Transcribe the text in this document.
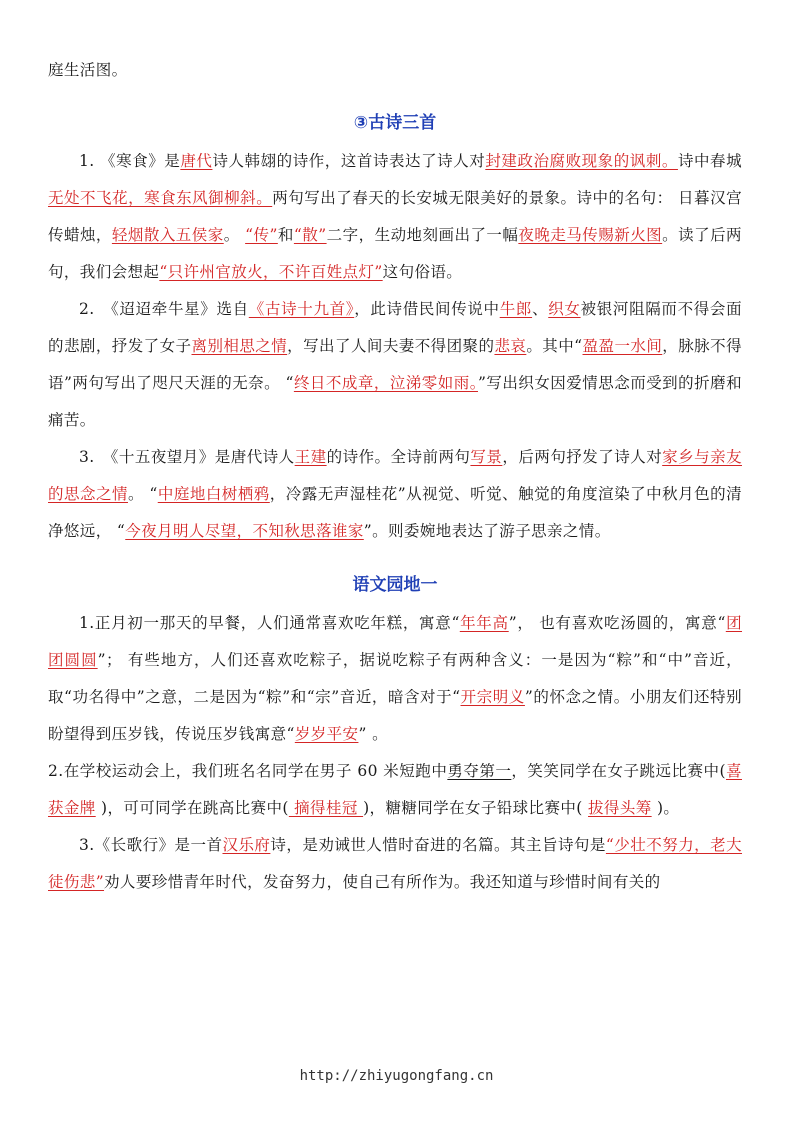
庭生活图。

③古诗三首

1. 《寒食》是唐代诗人韩翃的诗作，这首诗表达了诗人对封建政治腐败现象的讽刺。诗中春城无处不飞花，寒食东风御柳斜。两句写出了春天的长安城无限美好的景象。诗中的名句： 日暮汉宫传蜡烛，轻烟散入五侯家。 “传”和“散”二字，生动地刻画出了一幅夜晚走马传赐新火图。读了后两句，我们会想起“只许州官放火，不许百姓点灯”这句俗语。

2.　《迢迢牵牛星》选自《古诗十九首》，此诗借民间传说中牛郎、织女被银河阻隔而不得会面的悲剧，抒发了女子离别相思之情，写出了人间夫妻不得团聚的悲哀。其中“盈盈一水间，脉脉不得语”两句写出了咫尺天涯的无奈。 “终日不成章，泣涕零如雨。”写出织女因爱情思念而受到的折磨和痛苦。

3.　《十五夜望月》是唐代诗人王建的诗作。全诗前两句写景，后两句抒发了诗人对家乡与亲友的思念之情。 “中庭地白树栖鸦，冷露无声湿桂花”从视觉、听觉、触觉的角度渲染了中秋月色的清净悠远， “今夜月明人尽望，不知秋思落谁家”。则委婉地表达了游子思亲之情。

语文园地一

1.正月初一那天的早餐，人们通常喜欢吃年糕，寓意“年年高”， 也有喜欢吃汤圆的，寓意“团团圆圆”； 有些地方，人们还喜欢吃粽子，据说吃粽子有两种含义：一是因为“粽”和“中”音近，取“功名得中”之意，二是因为“粽”和“宗”音近，暗含对于“开宗明义”的怀念之情。小朋友们还特别盼望得到压岁钱，传说压岁钱寓意“岁岁平安” 。

2.在学校运动会上，我们班名名同学在男子 60 米短跑中勇夺第一，笑笑同学在女子跳远比赛中(喜获金牌 )，可可同学在跳高比赛中( 摘得桂冠 )，糖糖同学在女子铅球比赛中( 拔得头筹 )。

3.《长歌行》是一首汉乐府诗，是劝诫世人惜时奋进的名篇。其主旨诗句是“少壮不努力，老大徒伤悲”劝人要珍惜青年时代，发奋努力，使自己有所作为。我还知道与珍惜时间有关的

http://zhiyugongfang.cn
